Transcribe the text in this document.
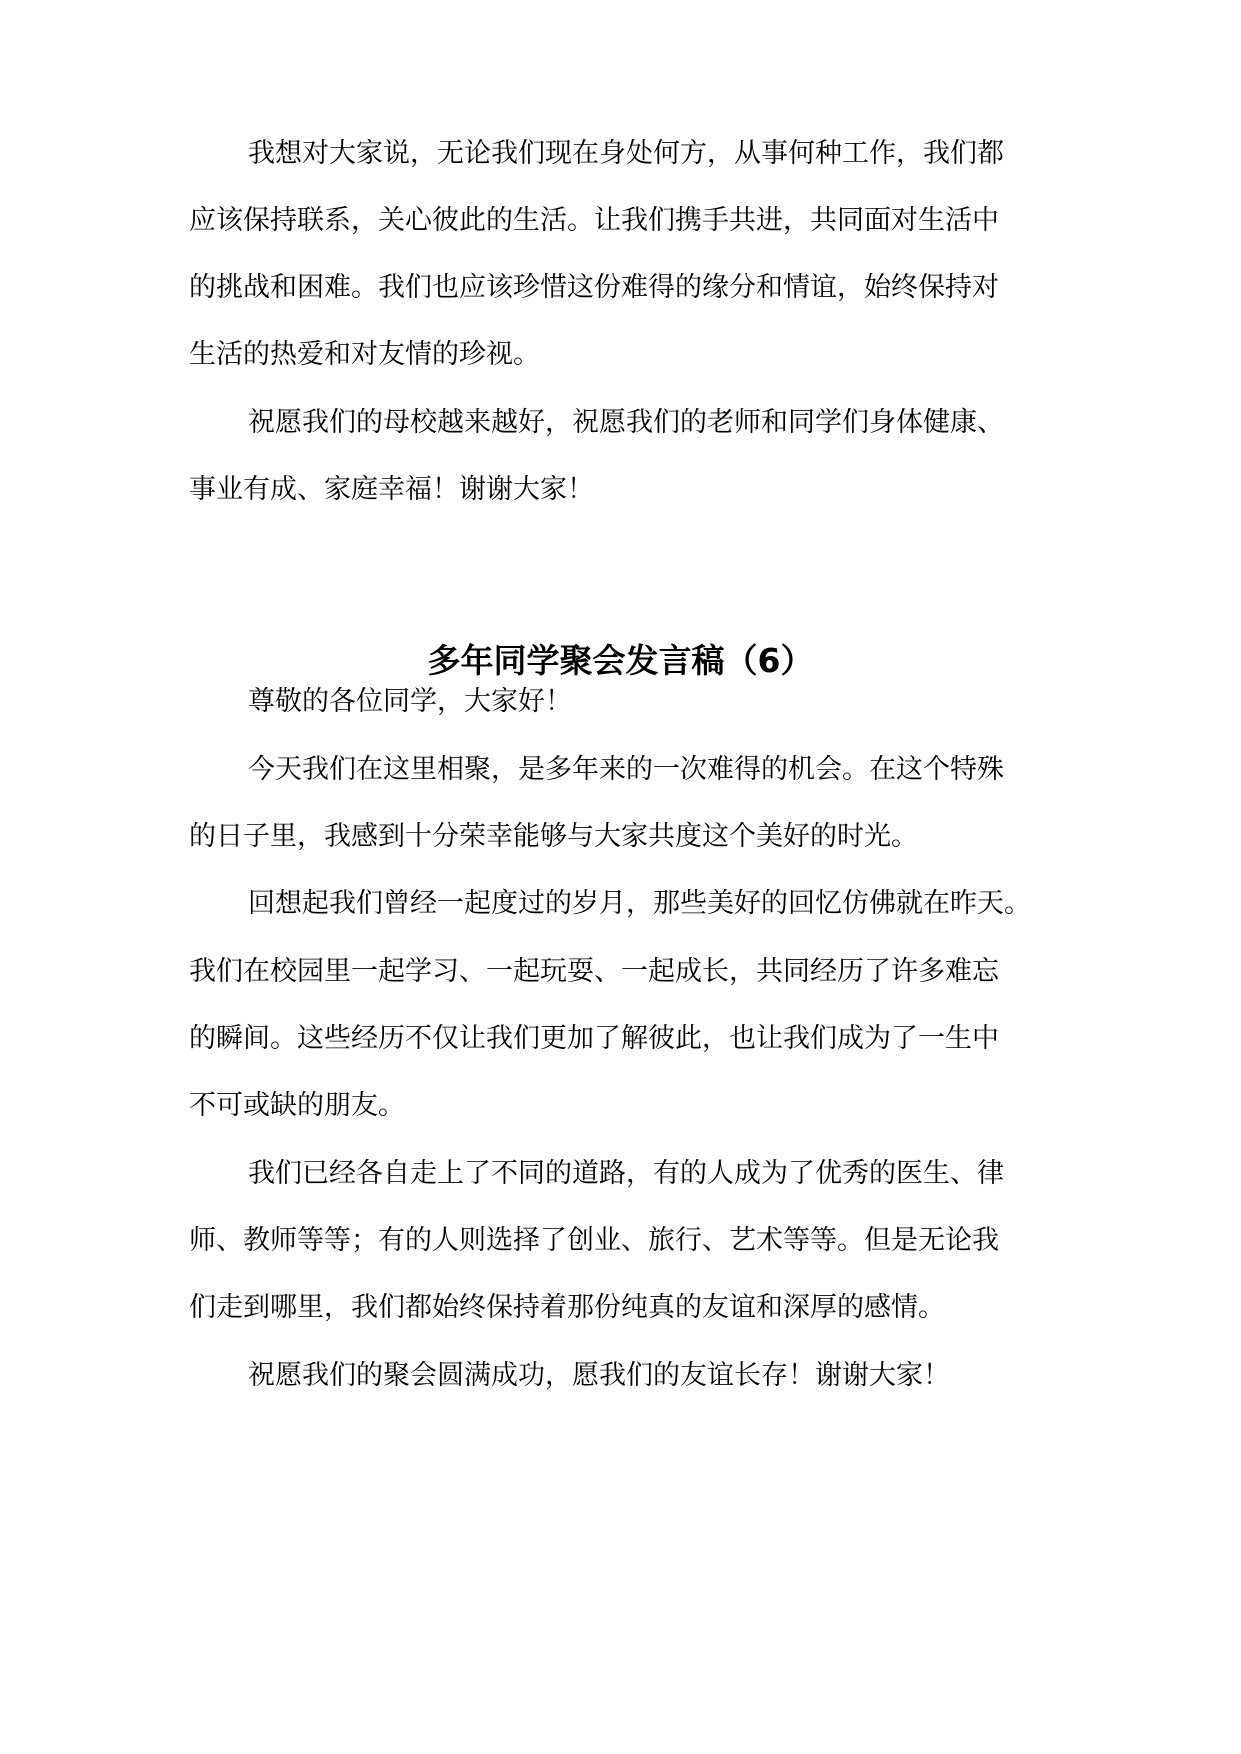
我想对大家说，无论我们现在身处何方，从事何种工作，我们都

应该保持联系，关心彼此的生活。让我们携手共进，共同面对生活中

的挑战和困难。我们也应该珍惜这份难得的缘分和情谊，始终保持对

生活的热爱和对友情的珍视。

祝愿我们的母校越来越好，祝愿我们的老师和同学们身体健康、

事业有成、家庭幸福！谢谢大家！

多年同学聚会发言稿（6）

尊敬的各位同学，大家好！

今天我们在这里相聚，是多年来的一次难得的机会。在这个特殊

的日子里，我感到十分荣幸能够与大家共度这个美好的时光。

回想起我们曾经一起度过的岁月，那些美好的回忆仿佛就在昨天。

我们在校园里一起学习、一起玩耍、一起成长，共同经历了许多难忘

的瞬间。这些经历不仅让我们更加了解彼此，也让我们成为了一生中

不可或缺的朋友。

我们已经各自走上了不同的道路，有的人成为了优秀的医生、律

师、教师等等；有的人则选择了创业、旅行、艺术等等。但是无论我

们走到哪里，我们都始终保持着那份纯真的友谊和深厚的感情。

祝愿我们的聚会圆满成功，愿我们的友谊长存！谢谢大家！
